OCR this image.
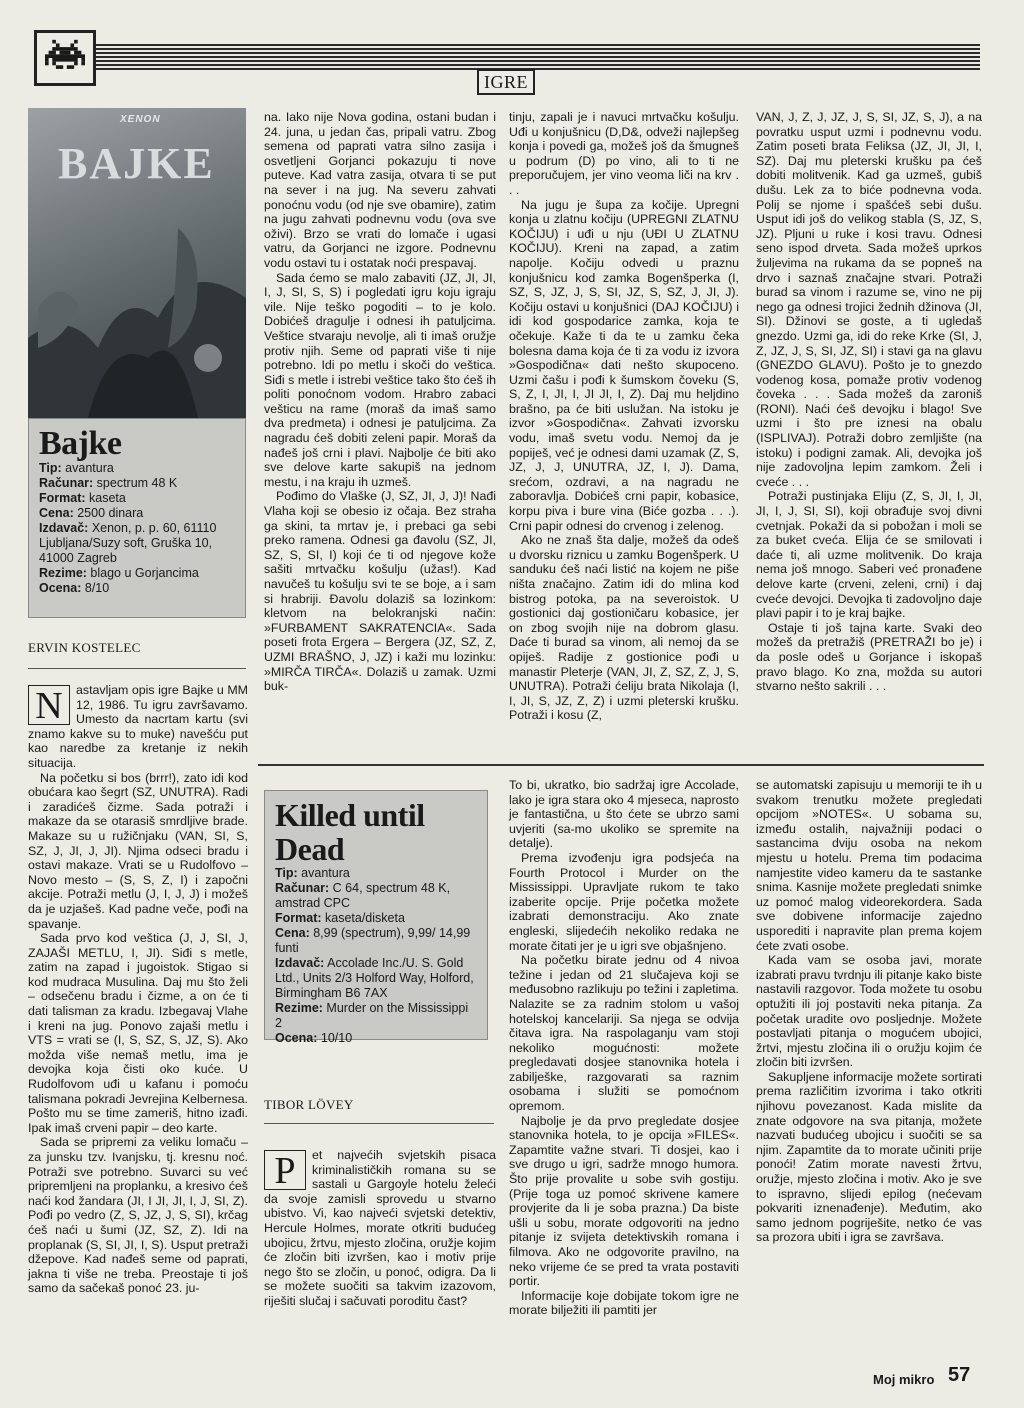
IGRE
XENON
BAJKE
Bajke
Tip: avantura
Računar: spectrum 48 K
Format: kaseta
Cena: 2500 dinara
Izdavač: Xenon, p. p. 60, 61110 Ljubljana/Suzy soft, Gruška 10, 41000 Zagreb
Rezime: blago u Gorjancima
Ocena: 8/10
ERVIN KOSTELEC
N	astavljam opis igre Bajke u MM 12, 1986. Tu igru završavamo. Umesto da nacrtam kartu (svi znamo kakve su to muke) navešću put kao naredbe za kretanje iz nekih situacija.

Na početku si bos (brrr!), zato idi kod obućara kao šegrt (SZ, UNUTRA). Radi i zaradićeš čizme. Sada potraži i makaze da se otarasiš smrdljive brade. Makaze su u ružičnjaku (VAN, SI, S, SZ, J, JI, J, JI). Njima odseci bradu i ostavi makaze. Vrati se u Rudolfovo – Novo mesto – (S, S, Z, I) i započni akcije. Potraži metlu (J, I, J, J) i možeš da je uzjašeš. Kad padne veče, pođi na spavanje.

Sada prvo kod veštica (J, J, SI, J, ZAJAŠI METLU, I, JI). Siđi s metle, zatim na zapad i jugoistok. Stigao si kod mudraca Musulina. Daj mu što želi – odsečenu bradu i čizme, a on će ti dati talisman za kradu. Izbegavaj Vlahe i kreni na jug. Ponovo zajaši metlu i VTS = vrati se (I, S, SZ, S, JZ, S). Ako možda više nemaš metlu, ima je devojka koja čisti oko kuće. U Rudolfovom uđi u kafanu i pomoću talismana pokradi Jevrejina Kelbernesa. Pošto mu se time zameriš, hitno izađi. Ipak imaš crveni papir – deo karte.

Sada se pripremi za veliku lomaču – za junsku tzv. Ivanjsku, tj. kresnu noć. Potraži sve potrebno. Suvarci su već pripremljeni na proplanku, a kresivo ćeš naći kod žandara (JI, I JI, JI, I, J, SI, Z). Pođi po vedro (Z, S, JZ, J, S, SI), krčag ćeš naći u šumi (JZ, SZ, Z). Idi na proplanak (S, SI, JI, I, S). Usput pretraži džepove. Kad nađeš seme od paprati, jakna ti više ne treba. Preostaje ti još samo da sačekaš ponoć 23. ju-

na. Iako nije Nova godina, ostani budan i 24. juna, u jedan čas, pripali vatru. Zbog semena od paprati vatra silno zasija i osvetljeni Gorjanci pokazuju ti nove puteve. Kad vatra zasija, otvara ti se put na sever i na jug. Na severu zahvati ponoćnu vodu (od nje sve obamire), zatim na jugu zahvati podnevnu vodu (ova sve oživi). Brzo se vrati do lomače i ugasi vatru, da Gorjanci ne izgore. Podnevnu vodu ostavi tu i ostatak noći prespavaj.

Sada ćemo se malo zabaviti (JZ, JI, JI, I, J, SI, S, S) i pogledati igru koju igraju vile. Nije teško pogoditi – to je kolo. Dobićeš dragulje i odnesi ih patuljcima. Veštice stvaraju nevolje, ali ti imaš oružje protiv njih. Seme od paprati više ti nije potrebno. Idi po metlu i skoči do veštica. Siđi s metle i istrebi veštice tako što ćeš ih politi ponoćnom vodom. Hrabro zabaci vešticu na rame (moraš da imaš samo dva predmeta) i odnesi je patuljcima. Za nagradu ćeš dobiti zeleni papir. Moraš da nađeš još crni i plavi. Najbolje će biti ako sve delove karte sakupiš na jednom mestu, i na kraju ih uzmeš.

Pođimo do Vlaške (J, SZ, JI, J, J)! Nađi Vlaha koji se obesio iz očaja. Bez straha ga skini, ta mrtav je, i prebaci ga sebi preko ramena. Odnesi ga đavolu (SZ, JI, SZ, S, SI, I) koji će ti od njegove kože sašiti mrtvačku košulju (užas!). Kad navučeš tu košulju svi te se boje, a i sam si hrabriji. Đavolu dolaziš sa lozinkom: kletvom na belokranjski način: »FURBAMENT SAKRATENCIA«. Sada poseti frota Ergera – Bergera (JZ, SZ, Z, UZMI BRAŠNO, J, JZ) i kaži mu lozinku: »MIRČA TIRČA«. Dolaziš u zamak. Uzmi buk-

tinju, zapali je i navuci mrtvačku košulju. Uđi u konjušnicu (D,D&, odveži najlepšeg konja i povedi ga, možeš još da šmugneš u podrum (D) po vino, ali to ti ne preporučujem, jer vino veoma liči na krv . . .

Na jugu je šupa za kočije. Upregni konja u zlatnu kočiju (UPREGNI ZLATNU KOČIJU) i uđi u nju (UĐI U ZLATNU KOČIJU). Kreni na zapad, a zatim napolje. Kočiju odvedi u praznu konjušnicu kod zamka Bogenšperka (I, SZ, S, JZ, J, S, SI, JZ, S, SZ, J, JI, J). Kočiju ostavi u konjušnici (DAJ KOČIJU) i idi kod gospodarice zamka, koja te očekuje. Kaže ti da te u zamku čeka bolesna dama koja će ti za vodu iz izvora »Gospodična« dati nešto skupoceno. Uzmi čašu i pođi k šumskom čoveku (S, S, Z, I, JI, I, JI JI, I, Z). Daj mu heljdino brašno, pa će biti uslužan. Na istoku je izvor »Gospodična«. Zahvati izvorsku vodu, imaš svetu vodu. Nemoj da je popiješ, već je odnesi dami uzamak (Z, S, JZ, J, J, UNUTRA, JZ, I, J). Dama, srećom, ozdravi, a na nagradu ne zaboravlja. Dobićeš crni papir, kobasice, korpu piva i bure vina (Biće gozba . . .). Crni papir odnesi do crvenog i zelenog.

Ako ne znaš šta dalje, možeš da odeš u dvorsku riznicu u zamku Bogenšperk. U sanduku ćeš naći listić na kojem ne piše ništa značajno. Zatim idi do mlina kod bistrog potoka, pa na severoistok. U gostionici daj gostioničaru kobasice, jer on zbog svojih nije na dobrom glasu. Daće ti burad sa vinom, ali nemoj da se opiješ. Radije z gostionice pođi u manastir Pleterje (VAN, JI, Z, SZ, Z, J, S, UNUTRA). Potraži ćeliju brata Nikolaja (I, I, JI, S, JZ, Z, Z) i uzmi pleterski krušku. Potraži i kosu (Z,

VAN, J, Z, J, JZ, J, S, SI, JZ, S, J), a na povratku usput uzmi i podnevnu vodu. Zatim poseti brata Feliksa (JZ, JI, JI, I, SZ). Daj mu pleterski krušku pa ćeš dobiti molitvenik. Kad ga uzmeš, gubiš dušu. Lek za to biće podnevna voda. Polij se njome i spašćeš sebi dušu. Usput idi još do velikog stabla (S, JZ, S, JZ). Pljuni u ruke i kosi travu. Odnesi seno ispod drveta. Sada možeš uprkos žuljevima na rukama da se popneš na drvo i saznaš značajne stvari. Potraži burad sa vinom i razume se, vino ne pij nego ga odnesi trojici žednih džinova (JI, SI). Džinovi se goste, a ti ugledaš gnezdo. Uzmi ga, idi do reke Krke (SI, J, Z, JZ, J, S, SI, JZ, SI) i stavi ga na glavu (GNEZDO GLAVU). Pošto je to gnezdo vodenog kosa, pomaže protiv vodenog čoveka . . . Sada možeš da zaroniš (RONI). Naći ćeš devojku i blago! Sve uzmi i što pre iznesi na obalu (ISPLIVAJ). Potraži dobro zemljište (na istoku) i podigni zamak. Ali, devojka još nije zadovoljna lepim zamkom. Želi i cveće . . .

Potraži pustinjaka Eliju (Z, S, JI, I, JI, JI, I, J, SI, SI), koji obrađuje svoj divni cvetnjak. Pokaži da si pobožan i moli se za buket cveća. Elija će se smilovati i daće ti, ali uzme molitvenik. Do kraja nema još mnogo. Saberi već pronađene delove karte (crveni, zeleni, crni) i daj cveće devojci. Devojka ti zadovoljno daje plavi papir i to je kraj bajke.

Ostaje ti još tajna karte. Svaki deo možeš da pretražiš (PRETRAŽI bo je) i da posle odeš u Gorjance i iskopaš pravo blago. Ko zna, možda su autori stvarno nešto sakrili . . .

Killed until Dead
Tip: avantura
Računar: C 64, spectrum 48 K, amstrad CPC
Format: kaseta/disketa
Cena: 8,99 (spectrum), 9,99/ 14,99 funti
Izdavač: Accolade Inc./U. S. Gold Ltd., Units 2/3 Holford Way, Holford, Birmingham B6 7AX
Rezime: Murder on the Mississippi 2
Ocena: 10/10
TIBOR LÖVEY
P	et najvećih svjetskih pisaca kriminalističkih romana su se sastali u Gargoyle hotelu želeći da svoje zamisli sprovedu u stvarno ubistvo. Vi, kao najveći svjetski detektiv, Hercule Holmes, morate otkriti budućeg ubojicu, žrtvu, mjesto zločina, oružje kojim će zločin biti izvršen, kao i motiv prije nego što se zločin, u ponoć, odigra. Da li se možete suočiti sa takvim izazovom, riješiti slučaj i sačuvati poroditu čast?

To bi, ukratko, bio sadržaj igre Accolade, lako je igra stara oko 4 mjeseca, naprosto je fantastična, u što ćete se ubrzo sami uvjeriti (sa-mo ukoliko se spremite na detalje).

Prema izvođenju igra podsjeća na Fourth Protocol i Murder on the Mississippi. Upravljate rukom te tako izaberite opcije. Prije početka možete izabrati demonstraciju. Ako znate engleski, slijedećih nekoliko redaka ne morate čitati jer je u igri sve objašnjeno.

Na početku birate jednu od 4 nivoa težine i jedan od 21 slučajeva koji se međusobno razlikuju po težini i zapletima. Nalazite se za radnim stolom u vašoj hotelskoj kancelariji. Sa njega se odvija čitava igra. Na raspolaganju vam stoji nekoliko mogućnosti: možete pregledavati dosjee stanovnika hotela i zabilješke, razgovarati sa raznim osobama i služiti se pomoćnom opremom.

Najbolje je da prvo pregledate dosjee stanovnika hotela, to je opcija »FILES«. Zapamtite važne stvari. Ti dosjei, kao i sve drugo u igri, sadrže mnogo humora. Što prije provalite u sobe svih gostiju. (Prije toga uz pomoć skrivene kamere provjerite da li je soba prazna.) Da biste ušli u sobu, morate odgovoriti na jedno pitanje iz svijeta detektivskih romana i filmova. Ako ne odgovorite pravilno, na neko vrijeme će se pred ta vrata postaviti portir.

Informacije koje dobijate tokom igre ne morate bilježiti ili pamtiti jer

se automatski zapisuju u memoriji te ih u svakom trenutku možete pregledati opcijom »NOTES«. U sobama su, između ostalih, najvažniji podaci o sastancima dviju osoba na nekom mjestu u hotelu. Prema tim podacima namjestite video kameru da te sastanke snima. Kasnije možete pregledati snimke uz pomoć malog videorekordera. Sada sve dobivene informacije zajedno usporediti i napravite plan prema kojem ćete zvati osobe.

Kada vam se osoba javi, morate izabrati pravu tvrdnju ili pitanje kako biste nastavili razgovor. Toda možete tu osobu optužiti ili joj postaviti neka pitanja. Za početak uradite ovo posljednje. Možete postavljati pitanja o mogućem ubojici, žrtvi, mjestu zločina ili o oružju kojim će zločin biti izvršen.

Sakupljene informacije možete sortirati prema različitim izvorima i tako otkriti njihovu povezanost. Kada mislite da znate odgovore na sva pitanja, možete nazvati budućeg ubojicu i suočiti se sa njim. Zapamtite da to morate učiniti prije ponoći! Zatim morate navesti žrtvu, oružje, mjesto zločina i motiv. Ako je sve to ispravno, slijedi epilog (nećevam pokvariti iznenađenje). Međutim, ako samo jednom pogriješite, netko će vas sa prozora ubiti i igra se završava.

Moj mikro 57
